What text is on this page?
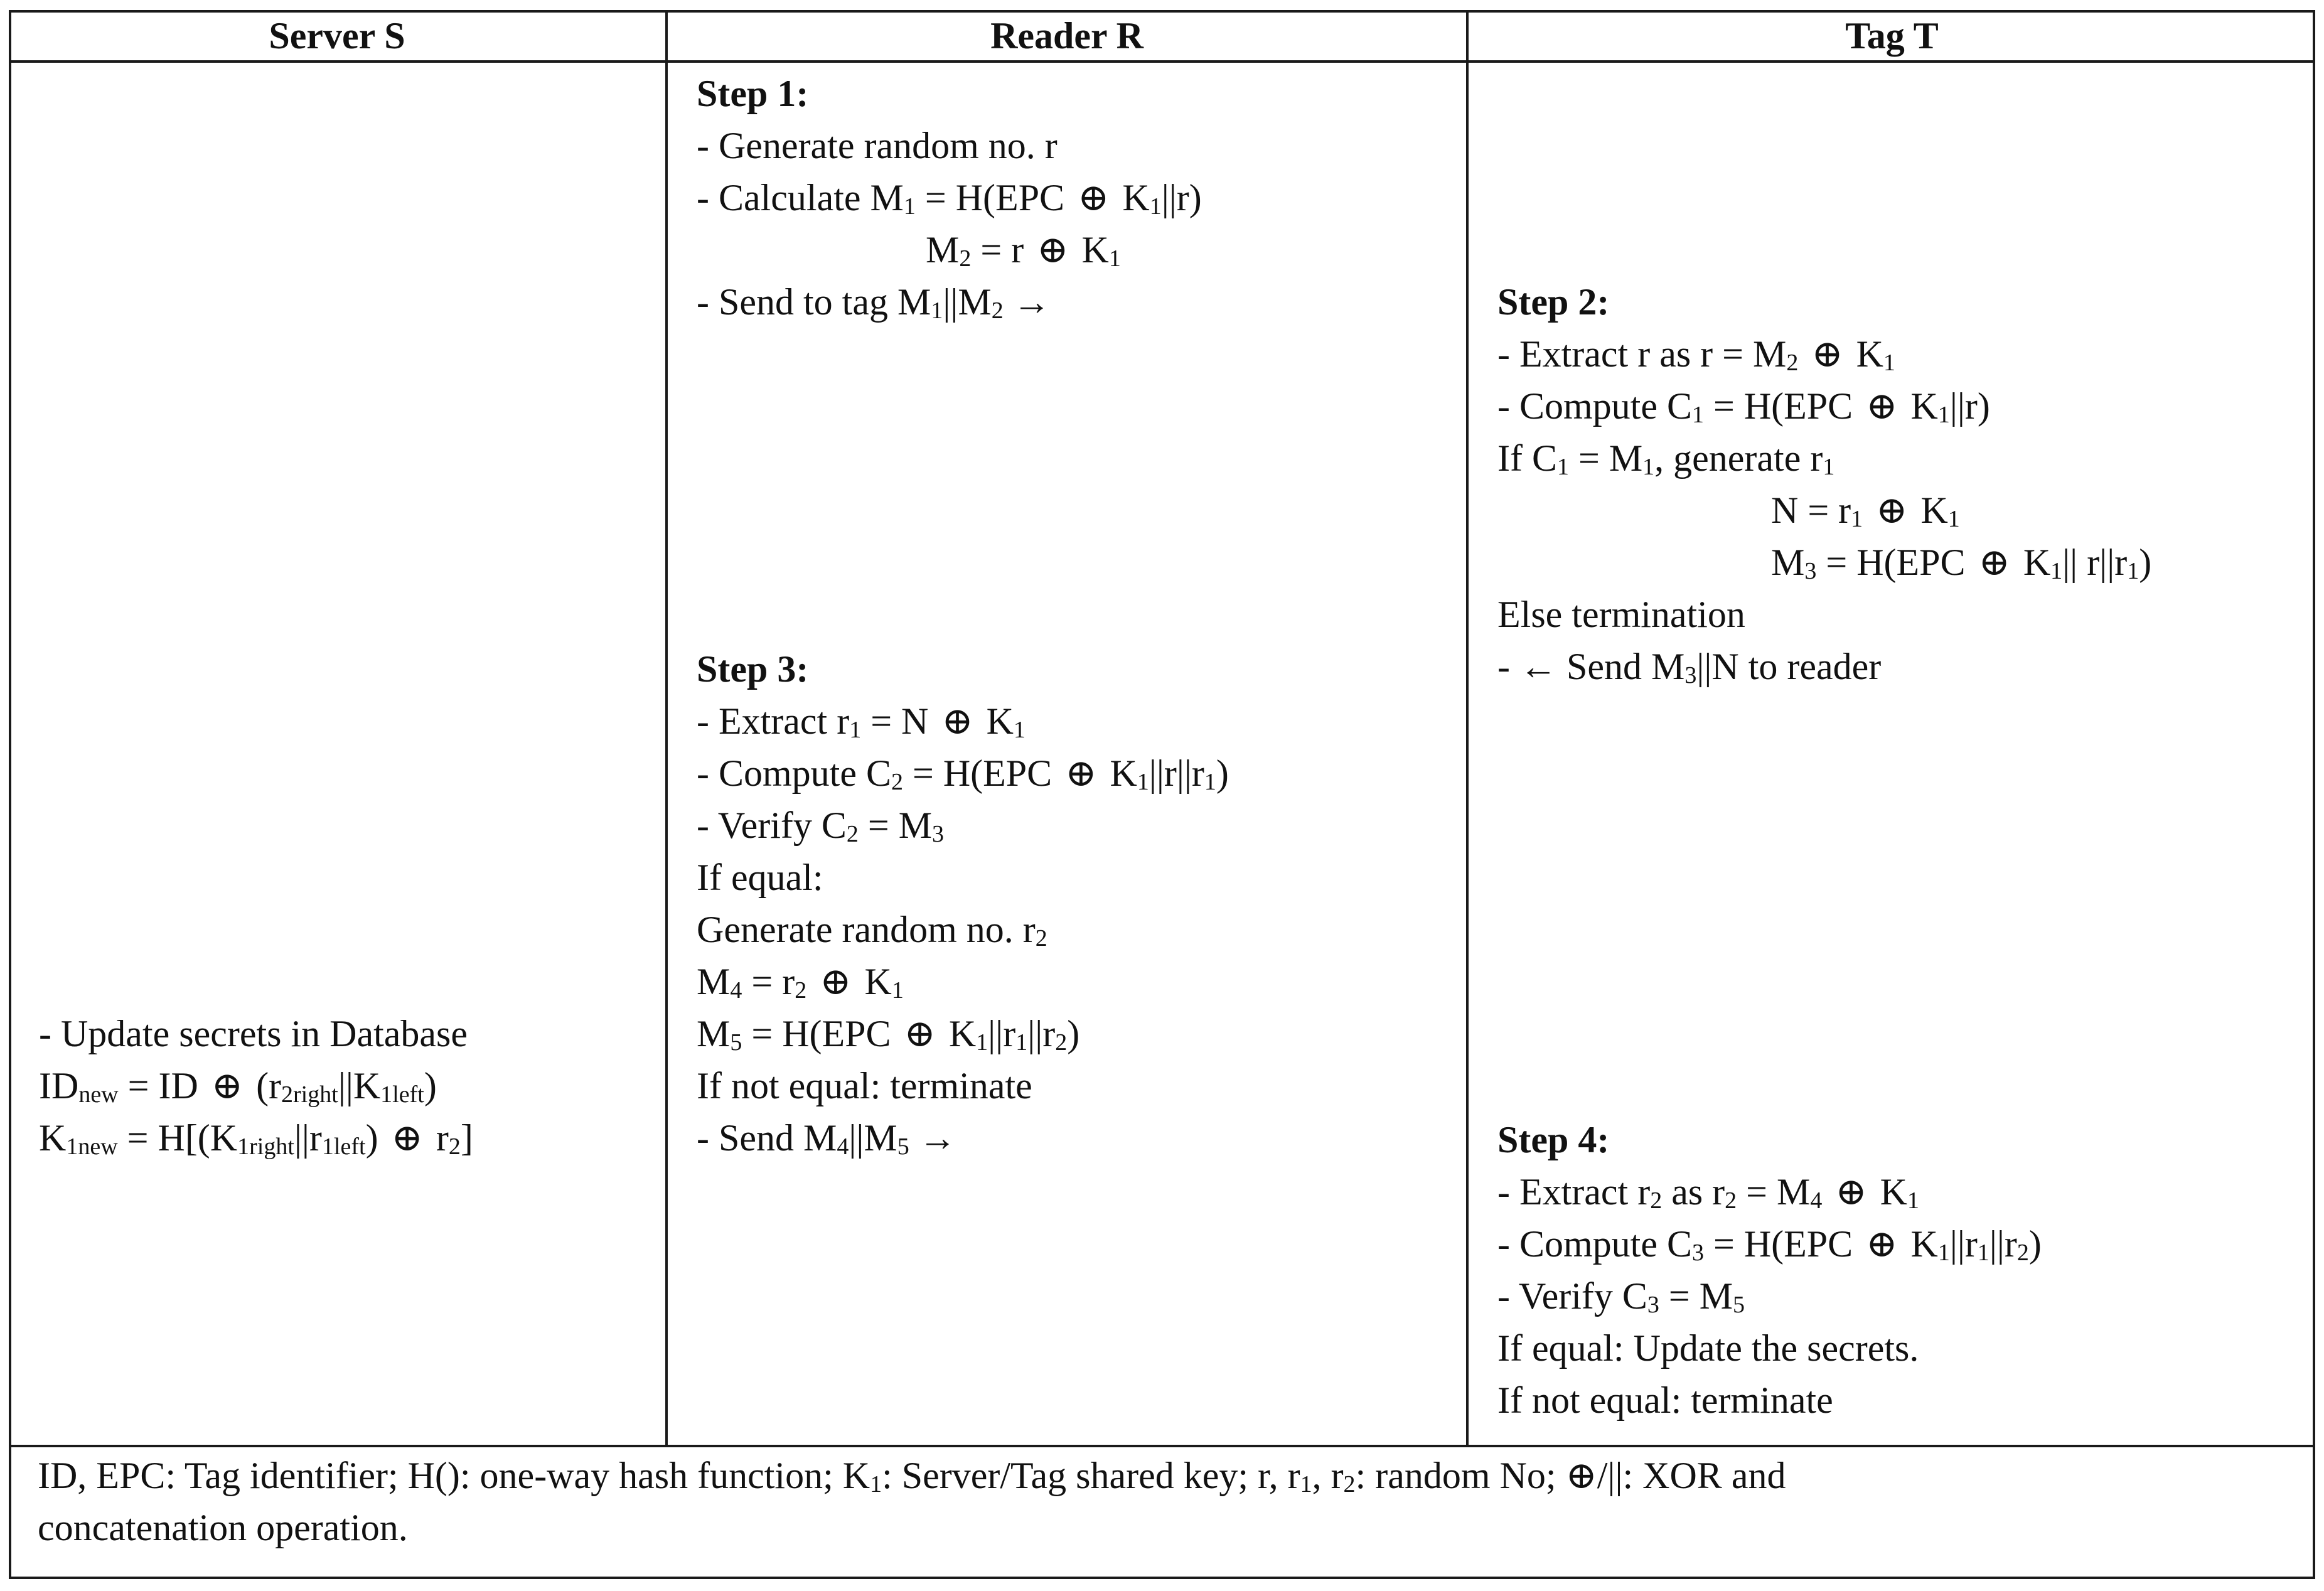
Server S	Reader R	Tag T
Step 1:
- Generate random no. r
- Calculate $M_1 = H(EPC$ ⊕ $K_1||r$)
$M_2 = r$ ⊕ $K_1$
- Send to tag $M_1||M_2$ →
Step 3:
- Extract $r_1 = N$ ⊕ $K_1$
- Compute $C_2 = H(EPC$ ⊕ $K_1||r||r_1$)
- Verify $C_2 = M_3$
If equal:
Generate random no. $r_2$
$M_4 = r_2$ ⊕ $K_1$
$M_5 = H(EPC$ ⊕ $K_1||r_1||r_2$)
If not equal: terminate
- Send $M_4||M_5$ →
Step 2:
- Extract r as $r = M_2$ ⊕ $K_1$
- Compute $C_1 = H(EPC$ ⊕ $K_1||r$)
If $C_1 = M_1$, generate $r_1$
$N = r_1$ ⊕ $K_1$
$M_3 = H(EPC$ ⊕ $K_1||$ $r||r_1$)
Else termination
- ← Send $M_3||N$ to reader
Step 4:
- Extract $r_2$ as $r_2 = M_4$ ⊕ $K_1$
- Compute $C_3 = H(EPC$ ⊕ $K_1||r_1||r_2$)
- Verify $C_3 = M_5$
If equal: Update the secrets.
If not equal: terminate
- Update secrets in Database
$ID_{new}$ = ID ⊕ $(r_{2right}||K_{1left})$
$K_{1new} = H[(K_{1right}||r_{1left})$ ⊕ $r_2$]
ID, EPC: Tag identifier; H(): one-way hash function; $K_1$: Server/Tag shared key; r, $r_1$, $r_2$: random No; ⊕/||: XOR and
concatenation operation.
